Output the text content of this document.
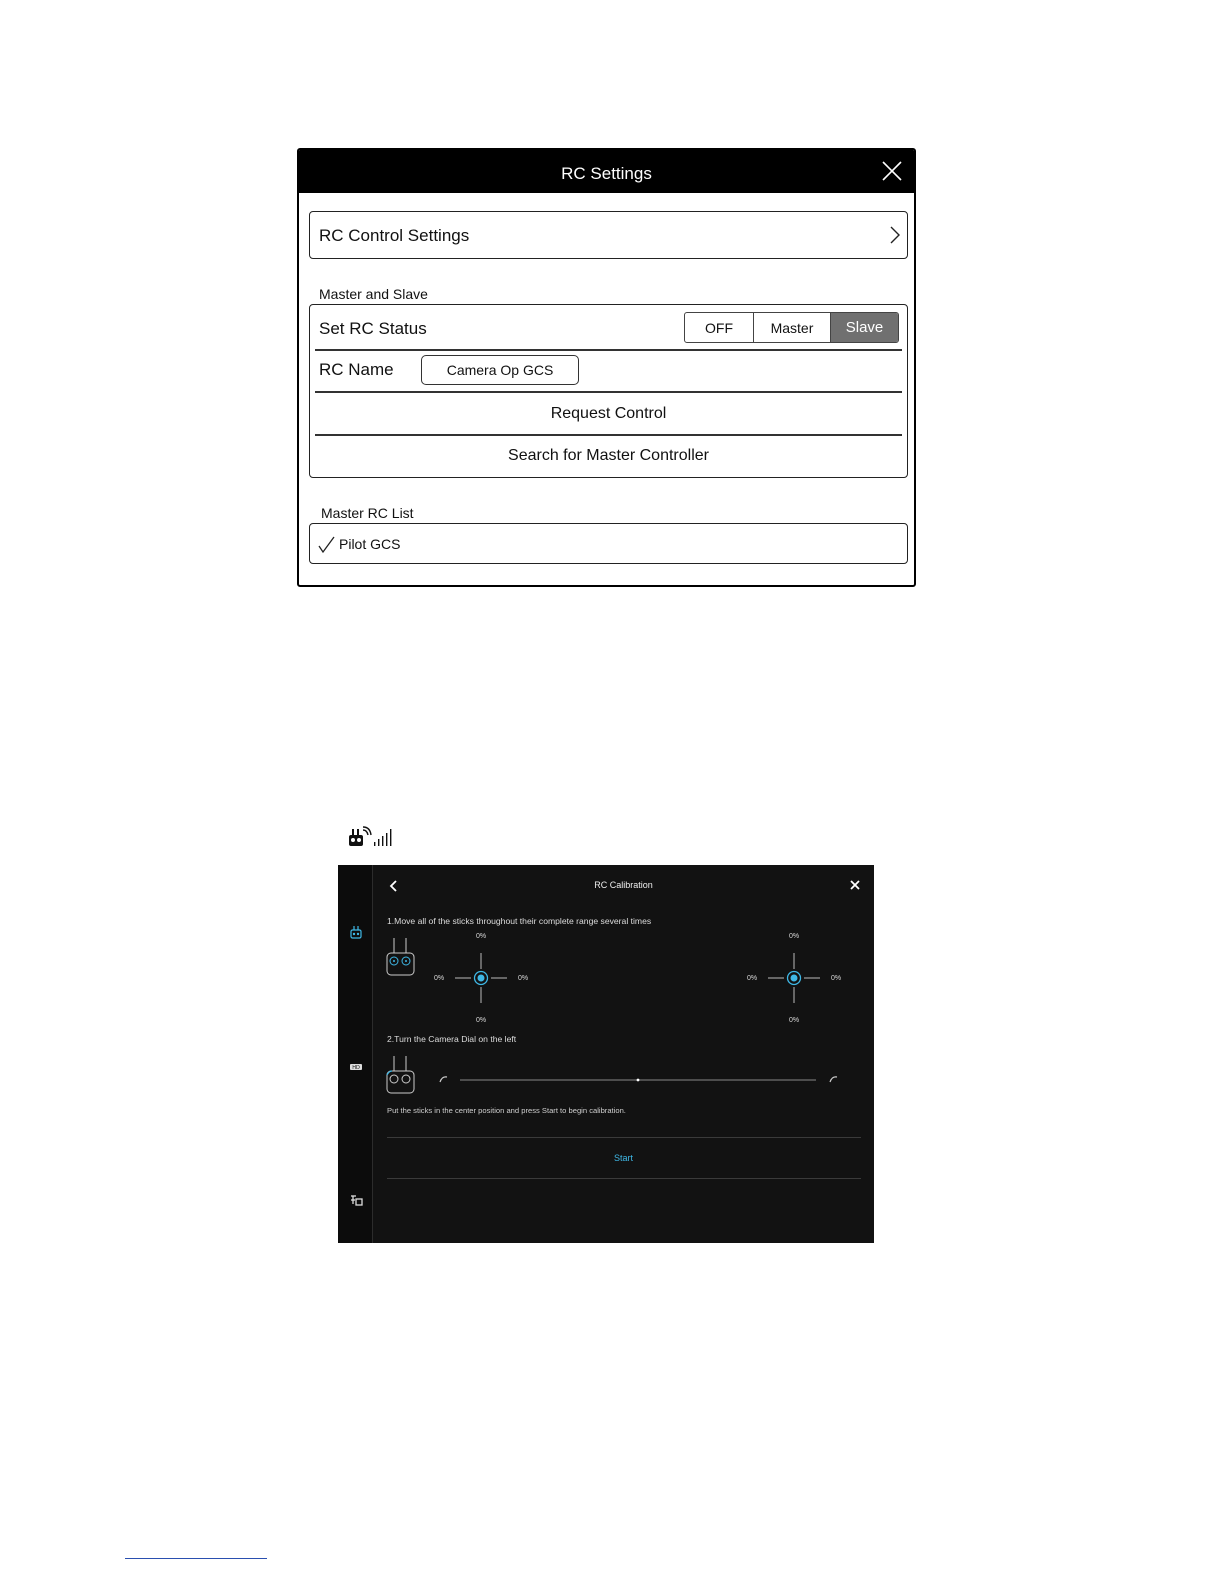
RC Settings
RC Control Settings
Master and Slave
Set RC Status	OFF	Master	Slave
RC Name	Camera Op GCS
Request Control
Search for Master Controller
Master RC List
Pilot GCS
HD
RC Calibration
1.Move all of the sticks throughout their complete range several times
0%
0%
0%	0%
0%
0%
0%	0%
2.Turn the Camera Dial on the left
Put the sticks in the center position and press Start to begin calibration.
Start
